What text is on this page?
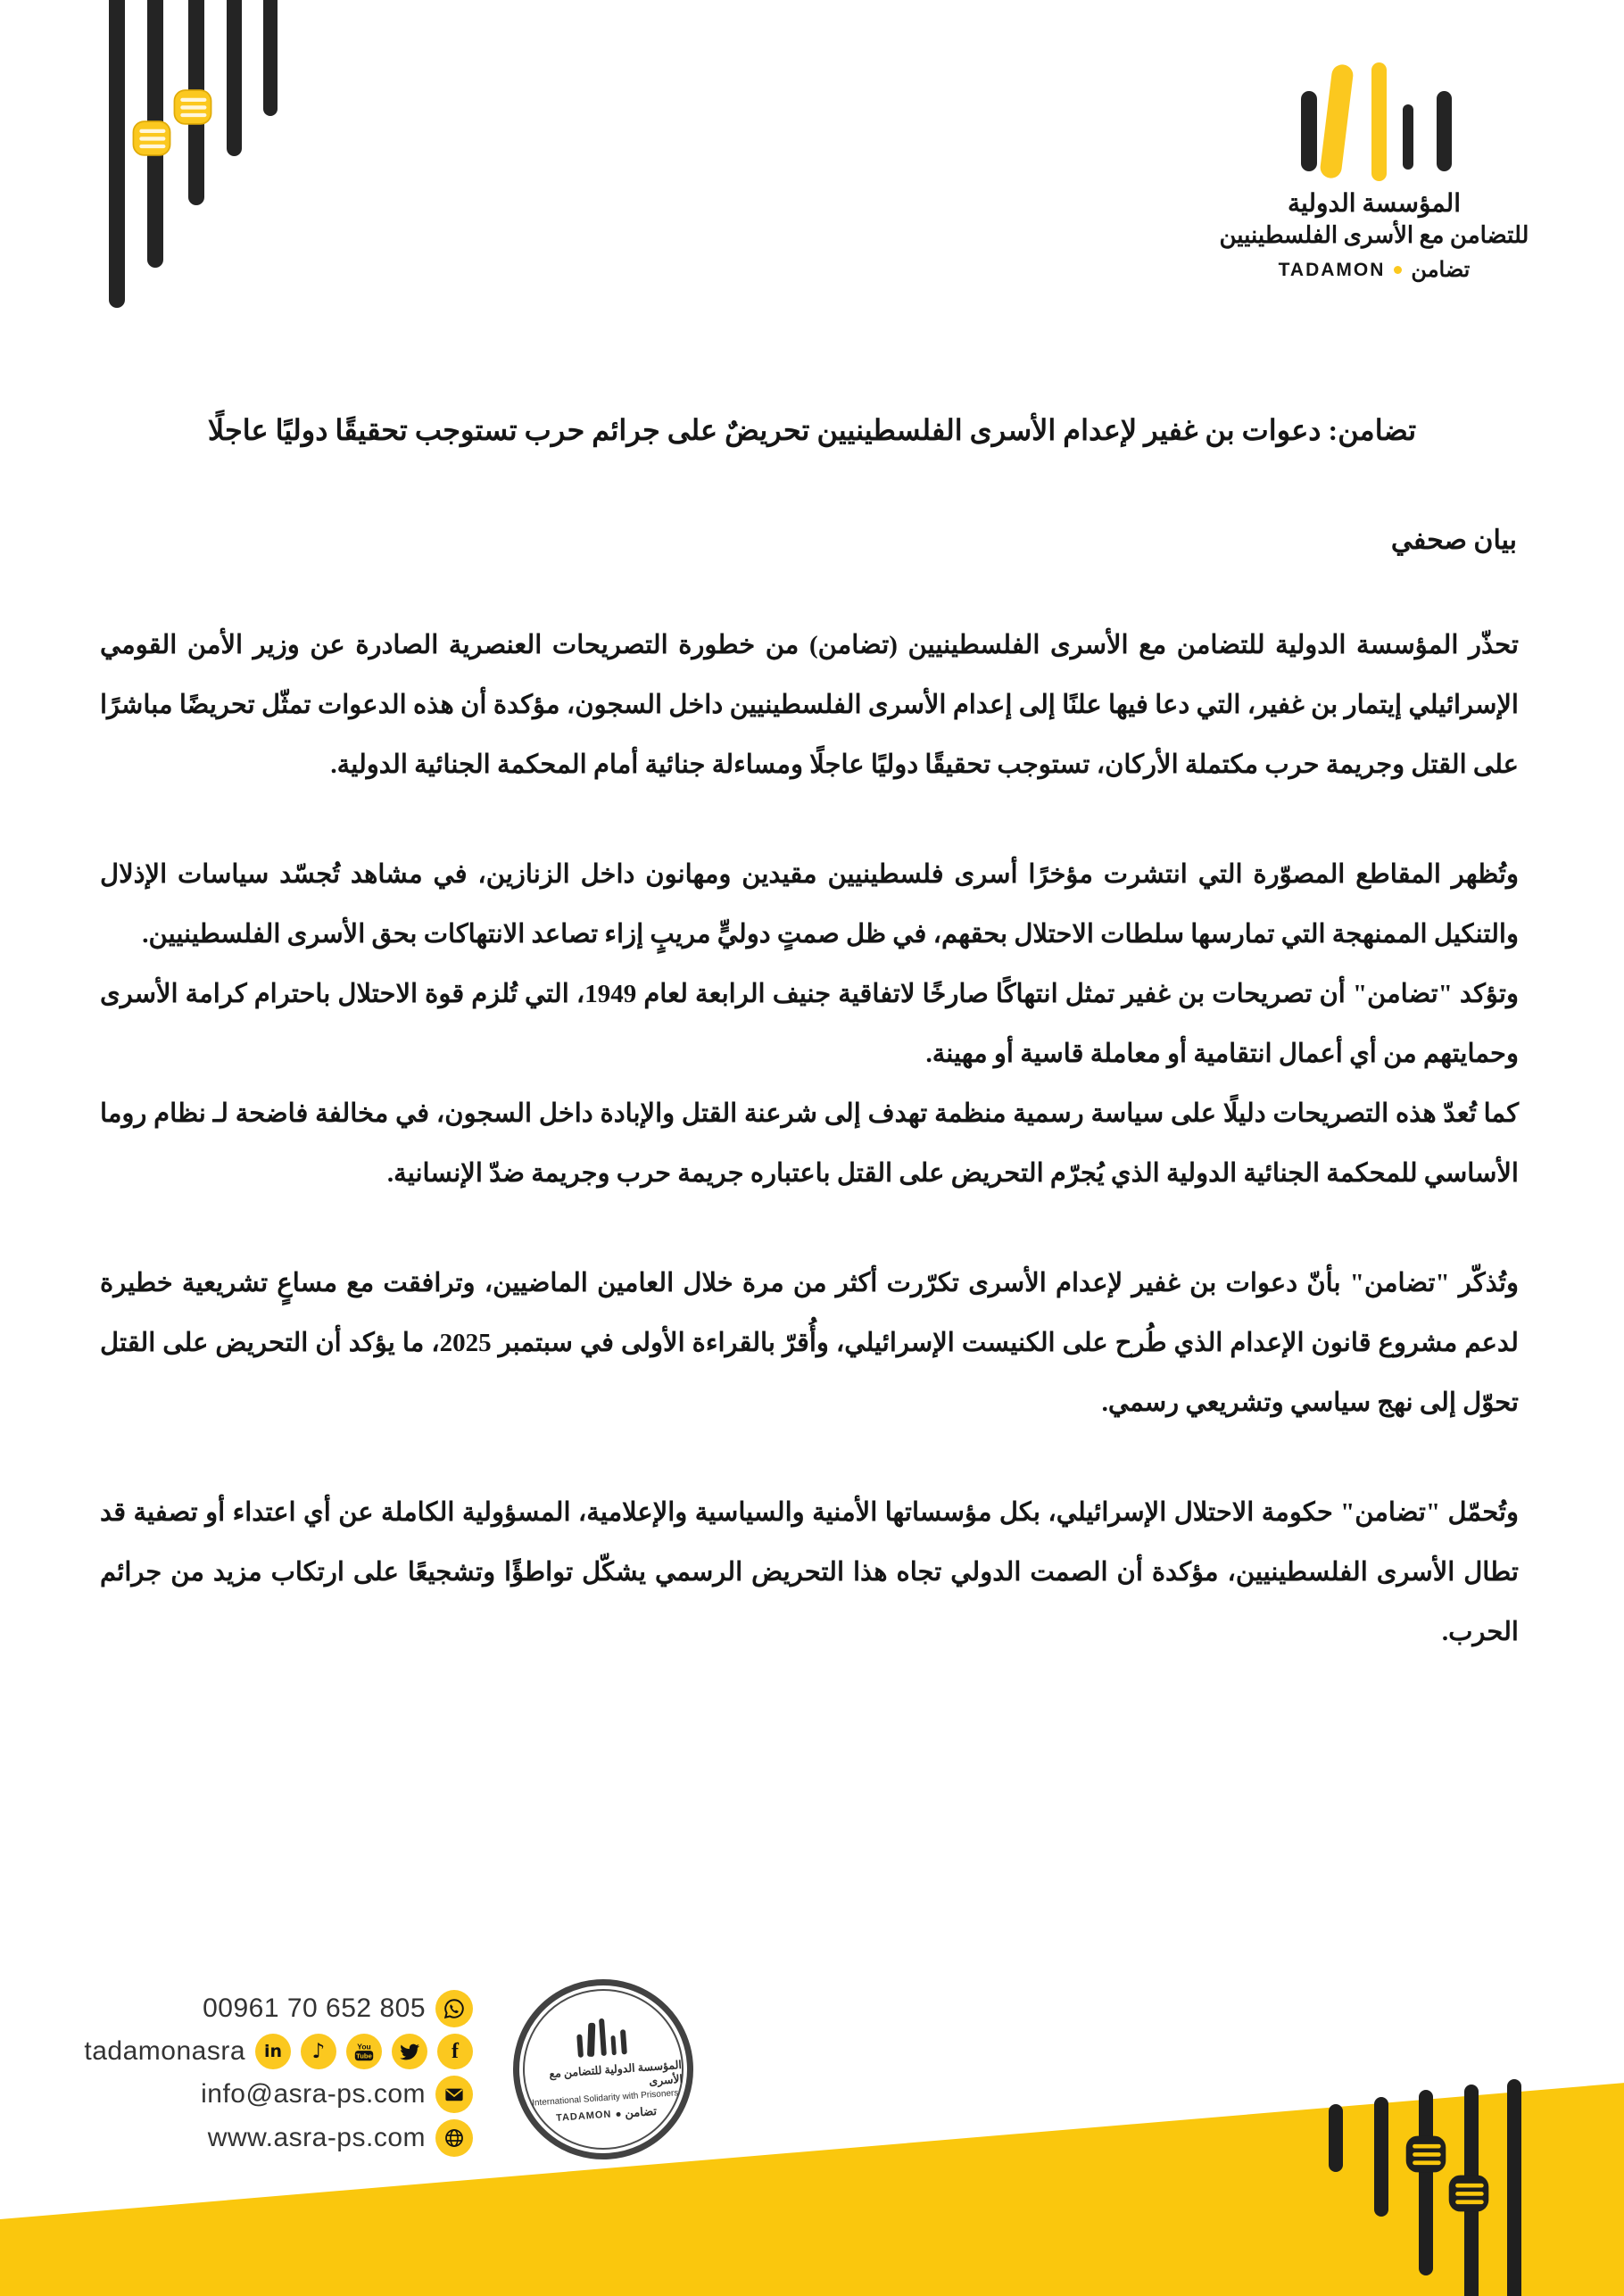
المؤسسة الدولية
للتضامن مع الأسرى الفلسطينيين
تضامن
TADAMON
تضامن: دعوات بن غفير لإعدام الأسرى الفلسطينيين تحريضٌ على جرائم حرب تستوجب تحقيقًا دوليًا عاجلًا
بيان صحفي

تحذّر المؤسسة الدولية للتضامن مع الأسرى الفلسطينيين (تضامن) من خطورة التصريحات العنصرية الصادرة عن وزير الأمن القومي الإسرائيلي إيتمار بن غفير، التي دعا فيها علنًا إلى إعدام الأسرى الفلسطينيين داخل السجون، مؤكدة أن هذه الدعوات تمثّل تحريضًا مباشرًا على القتل وجريمة حرب مكتملة الأركان، تستوجب تحقيقًا دوليًا عاجلًا ومساءلة جنائية أمام المحكمة الجنائية الدولية.

وتُظهر المقاطع المصوّرة التي انتشرت مؤخرًا أسرى فلسطينيين مقيدين ومهانون داخل الزنازين، في مشاهد تُجسّد سياسات الإذلال والتنكيل الممنهجة التي تمارسها سلطات الاحتلال بحقهم، في ظل صمتٍ دوليٍّ مريبٍ إزاء تصاعد الانتهاكات بحق الأسرى الفلسطينيين.

وتؤكد "تضامن" أن تصريحات بن غفير تمثل انتهاكًا صارخًا لاتفاقية جنيف الرابعة لعام 1949، التي تُلزم قوة الاحتلال باحترام كرامة الأسرى وحمايتهم من أي أعمال انتقامية أو معاملة قاسية أو مهينة.

كما تُعدّ هذه التصريحات دليلًا على سياسة رسمية منظمة تهدف إلى شرعنة القتل والإبادة داخل السجون، في مخالفة فاضحة لـ نظام روما الأساسي للمحكمة الجنائية الدولية الذي يُجرّم التحريض على القتل باعتباره جريمة حرب وجريمة ضدّ الإنسانية.

وتُذكّر "تضامن" بأنّ دعوات بن غفير لإعدام الأسرى تكرّرت أكثر من مرة خلال العامين الماضيين، وترافقت مع مساعٍ تشريعية خطيرة لدعم مشروع قانون الإعدام الذي طُرح على الكنيست الإسرائيلي، وأُقرّ بالقراءة الأولى في سبتمبر 2025، ما يؤكد أن التحريض على القتل تحوّل إلى نهج سياسي وتشريعي رسمي.

وتُحمّل "تضامن" حكومة الاحتلال الإسرائيلي، بكل مؤسساتها الأمنية والسياسية والإعلامية، المسؤولية الكاملة عن أي اعتداء أو تصفية قد تطال الأسرى الفلسطينيين، مؤكدة أن الصمت الدولي تجاه هذا التحريض الرسمي يشكّل تواطؤًا وتشجيعًا على ارتكاب مزيد من جرائم الحرب.

00961 70 652 805
tadamonasra in ♪	You
Tube	f
info@asra-ps.com
www.asra-ps.com
المؤسسة الدولية للتضامن مع الأسرى
International Solidarity with Prisoners
تضامن
TADAMON
